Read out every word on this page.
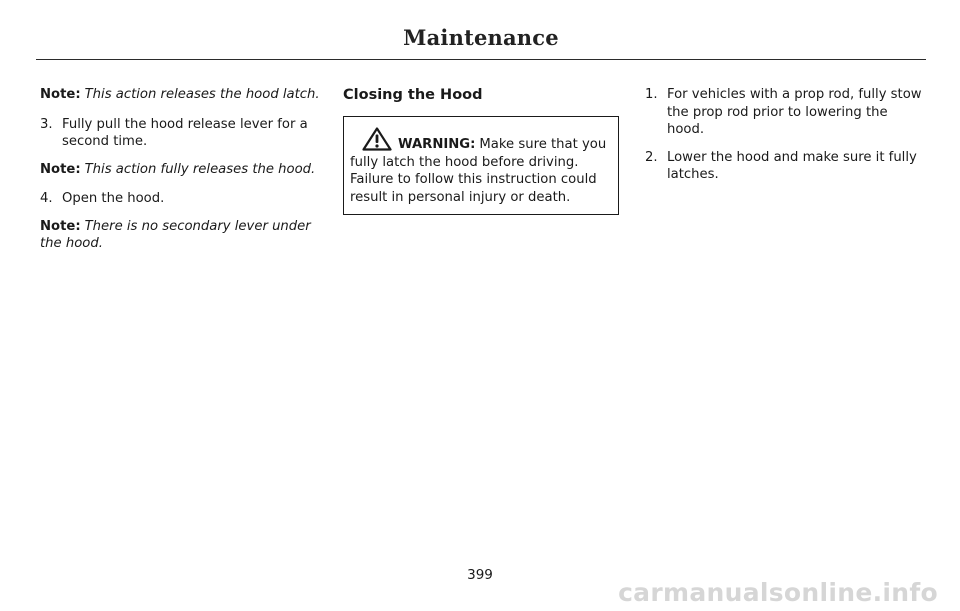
Maintenance

Note: This action releases the hood latch.

3. Fully pull the hood release lever for a second time.

Note: This action fully releases the hood.

4. Open the hood.

Note: There is no secondary lever under the hood.

Closing the Hood
WARNING: Make sure that you fully latch the hood before driving. Failure to follow this instruction could result in personal injury or death.
1. For vehicles with a prop rod, fully stow the prop rod prior to lowering the hood.
2. Lower the hood and make sure it fully latches.
399
carmanualsonline.info
